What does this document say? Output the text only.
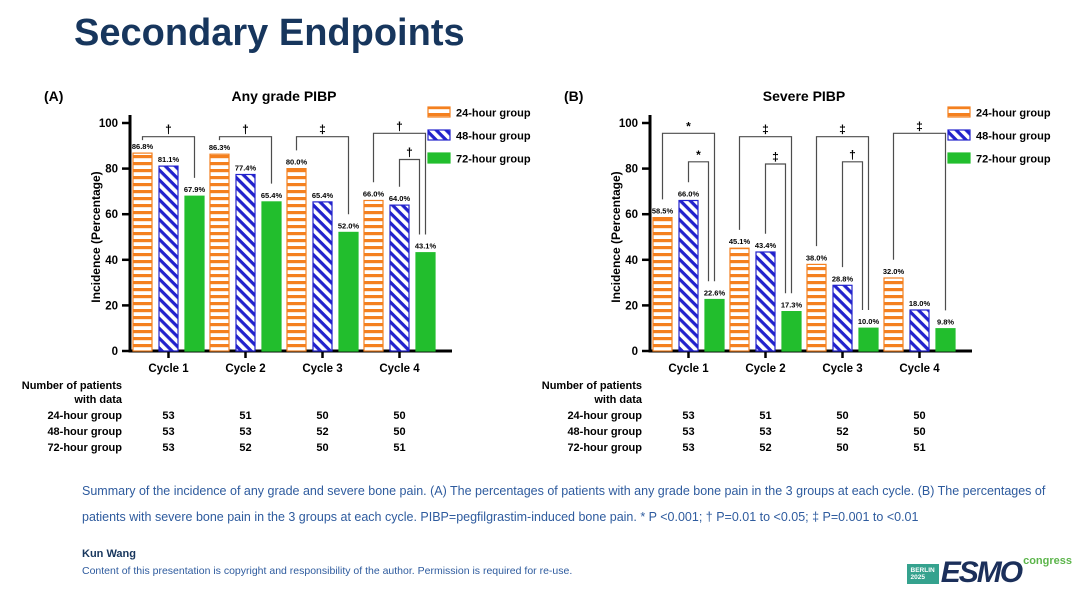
Secondary Endpoints
(A)	Any grade PIBP
Incidence (Percentage)
0
20
40
60
80
100
Cycle 1
86.8%
81.1%
67.9%
Cycle 2
86.3%
77.4%
65.4%
Cycle 3
80.0%
65.4%
52.0%
Cycle 4
66.0%
64.0%
43.1%
†	†	‡	†
†
24-hour group
48-hour group
72-hour group
Number of patients
with data
24-hour group	53	51	50	50
48-hour group	53	53	52	50
72-hour group	53	52	50	51
(B)	Severe PIBP
Incidence (Percentage)
0
20
40
60
80
100
Cycle 1
58.5%
66.0%
22.6%
Cycle 2
45.1% 43.4%
17.3%
Cycle 3
38.0%
28.8%
10.0%
Cycle 4
32.0%
18.0%
9.8%
*
*
‡
‡
‡
†
‡
24-hour group
48-hour group
72-hour group
Number of patients
with data
24-hour group	53	51	50	50
48-hour group	53	53	52	50
72-hour group	53	52	50	51

Summary of the incidence of any grade and severe bone pain. (A) The percentages of patients with any grade bone pain in the 3 groups at each cycle. (B) The percentages of patients with severe bone pain in the 3 groups at each cycle. PIBP=pegfilgrastim-induced bone pain. * P <0.001; † P=0.01 to <0.05; ‡ P=0.001 to <0.01

Kun Wang
Content of this presentation is copyright and responsibility of the author. Permission is required for re-use.	BERLIN
2025 ESMO congress
